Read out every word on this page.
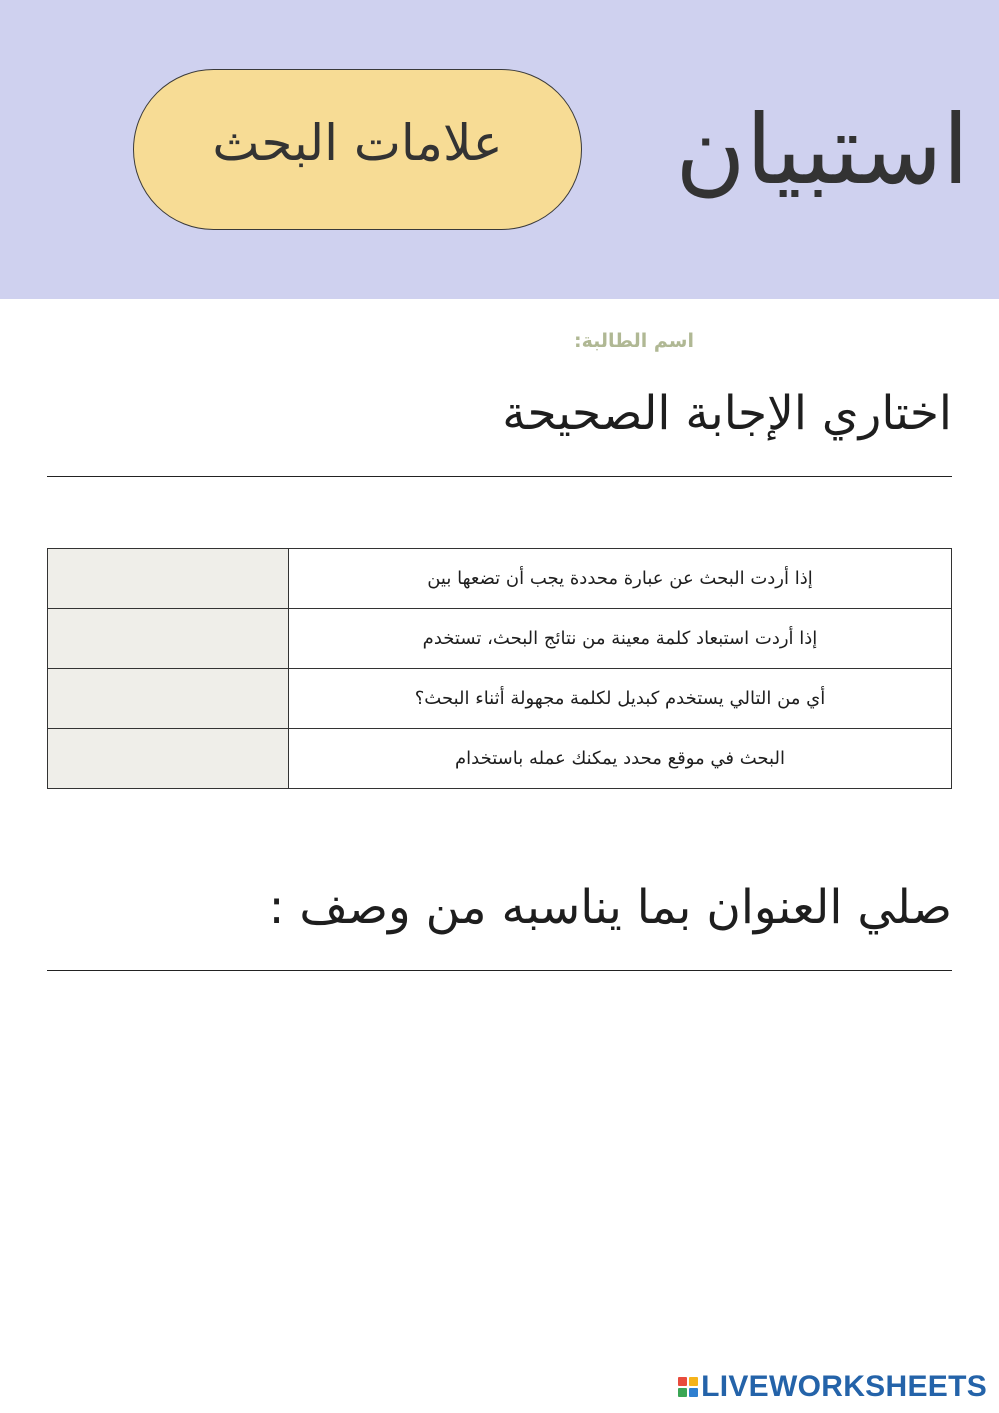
استبيان
علامات البحث
اسم الطالبة:
اختاري الإجابة الصحيحة
	إذا أردت البحث عن عبارة محددة يجب أن تضعها بين
	إذا أردت استبعاد كلمة معينة من نتائج البحث، تستخدم
	أي من التالي يستخدم كبديل لكلمة مجهولة أثناء البحث؟
	البحث في موقع محدد يمكنك عمله باستخدام
صلي العنوان بما يناسبه من وصف :
LIVEWORKSHEETS
